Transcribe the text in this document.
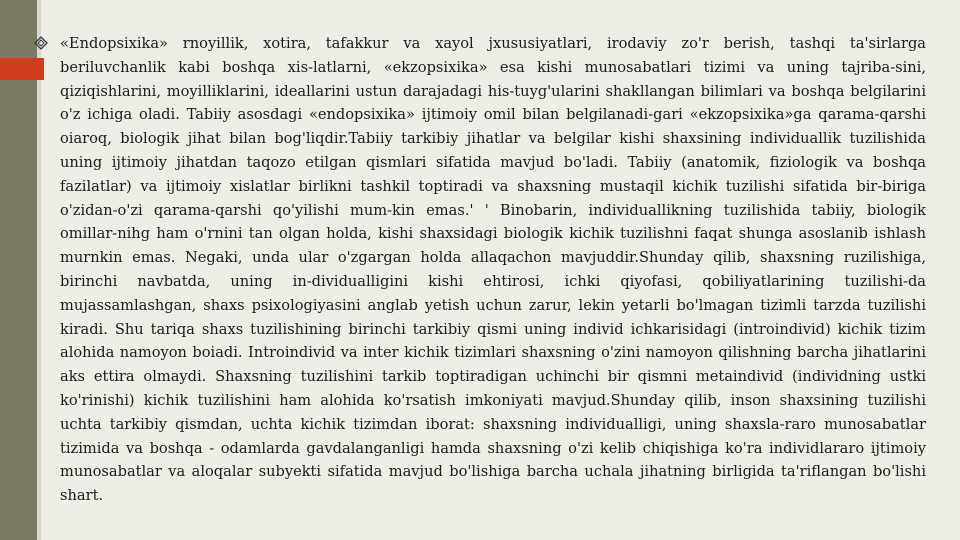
«Endopsixika» rnoyillik, xotira, tafakkur va xayol jxususiyatlari, irodaviy zo'r berish, tashqi ta'sirlarga beriluvchanlik kabi boshqa xis-latlarni, «ekzopsixika» esa kishi munosabatlari tizimi va uning tajriba-sini, qiziqishlarini, moyilliklarini, ideallarini ustun darajadagi his-tuyg'ularini shakllangan bilimlari va boshqa belgilarini o'z ichiga oladi. Tabiiy asosdagi «endopsixika» ijtimoiy omil bilan belgilanadi-gari «ekzopsixika»ga qarama-qarshi oiaroq, biologik jihat bilan bog'liqdir.Tabiiy tarkibiy jihatlar va belgilar kishi shaxsining individuallik tuzilishida uning ijtimoiy jihatdan taqozo etilgan qismlari sifatida mavjud bo'ladi. Tabiiy (anatomik, fiziologik va boshqa fazilatlar) va ijtimoiy xislatlar birlikni tashkil toptiradi va shaxsning mustaqil kichik tuzilishi sifatida bir-biriga o'zidan-o'zi qarama-qarshi qo'yilishi mum-kin emas.' ' Binobarin, individuallikning tuzilishida tabiiy, biologik omillar-nihg ham o'rnini tan olgan holda, kishi shaxsidagi biologik kichik tuzilishni faqat shunga asoslanib ishlash murnkin emas. Negaki, unda ular o'zgargan holda allaqachon mavjuddir.Shunday qilib, shaxsning ruzilishiga, birinchi navbatda, uning in-dividualligini kishi ehtirosi, ichki qiyofasi, qobiliyatlarining tuzilishi-da mujassamlashgan, shaxs psixologiyasini anglab yetish uchun zarur, lekin yetarli bo'lmagan tizimli tarzda tuzilishi kiradi. Shu tariqa shaxs tuzilishining birinchi tarkibiy qismi uning individ ichkarisidagi (introindivid) kichik tizim alohida namoyon boiadi. Introindivid va inter kichik tizimlari shaxsning o'zini namoyon qilishning barcha jihatlarini aks ettira olmaydi. Shaxsning tuzilishini tarkib toptiradigan uchinchi bir qismni metaindivid (individning ustki ko'rinishi) kichik tuzilishini ham alohida ko'rsatish imkoniyati mavjud.Shunday qilib, inson shaxsining tuzilishi uchta tarkibiy qismdan, uchta kichik tizimdan iborat: shaxsning individualligi, uning shaxsla-raro munosabatlar tizimida va boshqa - odamlarda gavdalanganligi hamda shaxsning o'zi kelib chiqishiga ko'ra individlararo ijtimoiy munosabatlar va aloqalar subyekti sifatida mavjud bo'lishiga barcha uchala jihatning birligida ta'riflangan bo'lishi shart.
